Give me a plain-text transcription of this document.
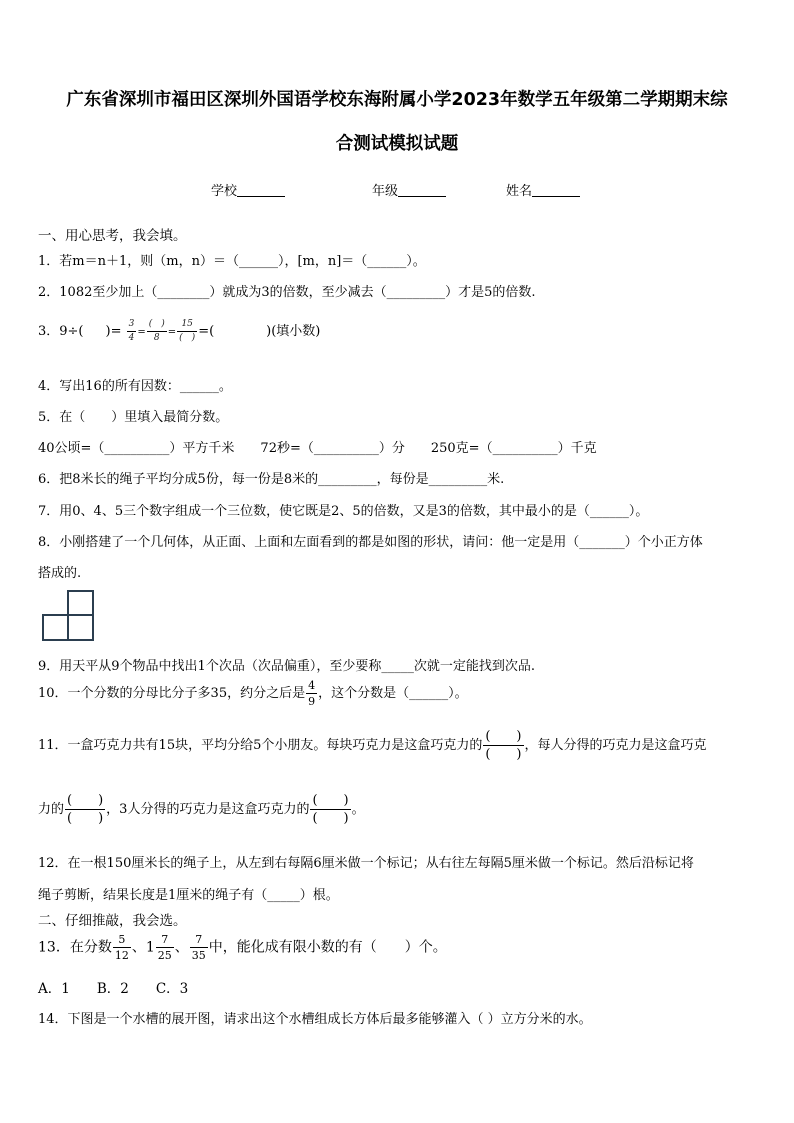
广东省深圳市福田区深圳外国语学校东海附属小学2023年数学五年级第二学期期末综
合测试模拟试题
学校	年级	姓名
一、用心思考，我会填。
1．若m＝n＋1，则（m，n）＝（______），[m，n]＝（______）。
2．1082至少加上（________）就成为3的倍数，至少减去（_________）才是5的倍数.
3．9÷( )= $\frac{3}{4} = \frac{( )}{8} = \frac{15}{( )}$ =(　　　　)(填小数)
4．写出16的所有因数：______。
5．在（　　）里填入最简分数。
40公顷=（__________）平方千米　　72秒=（__________）分　　250克=（__________）千克
6．把8米长的绳子平均分成5份，每一份是8米的_________，每份是_________米.
7．用0、4、5三个数字组成一个三位数，使它既是2、5的倍数，又是3的倍数，其中最小的是（______）。
8．小刚搭建了一个几何体，从正面、上面和左面看到的都是如图的形状，请问：他一定是用（_______）个小正方体
搭成的.
9．用天平从9个物品中找出1个次品（次品偏重），至少要称_____次就一定能找到次品.
10．一个分数的分母比分子多35，约分之后是 $\frac{4}{9}$ ，这个分数是（______）。
11．一盒巧克力共有15块，平均分给5个小朋友。每块巧克力是这盒巧克力的 $\frac{( )}{( )}$ ，每人分得的巧克力是这盒巧克
力的 $\frac{( )}{( )}$ ，3人分得的巧克力是这盒巧克力的 $\frac{( )}{( )}$ 。
12．在一根150厘米长的绳子上，从左到右每隔6厘米做一个标记；从右往左每隔5厘米做一个标记。然后沿标记将
绳子剪断，结果长度是1厘米的绳子有（_____）根。
二、仔细推敲，我会选。
13．在分数 $\frac{5}{12}$ 、$1 \frac{7}{25}$ 、 $\frac{7}{35}$ 中，能化成有限小数的有（　　）个。
A．1　　B．2　　C．3
14．下图是一个水槽的展开图，请求出这个水槽组成长方体后最多能够灌入（ ）立方分米的水。
